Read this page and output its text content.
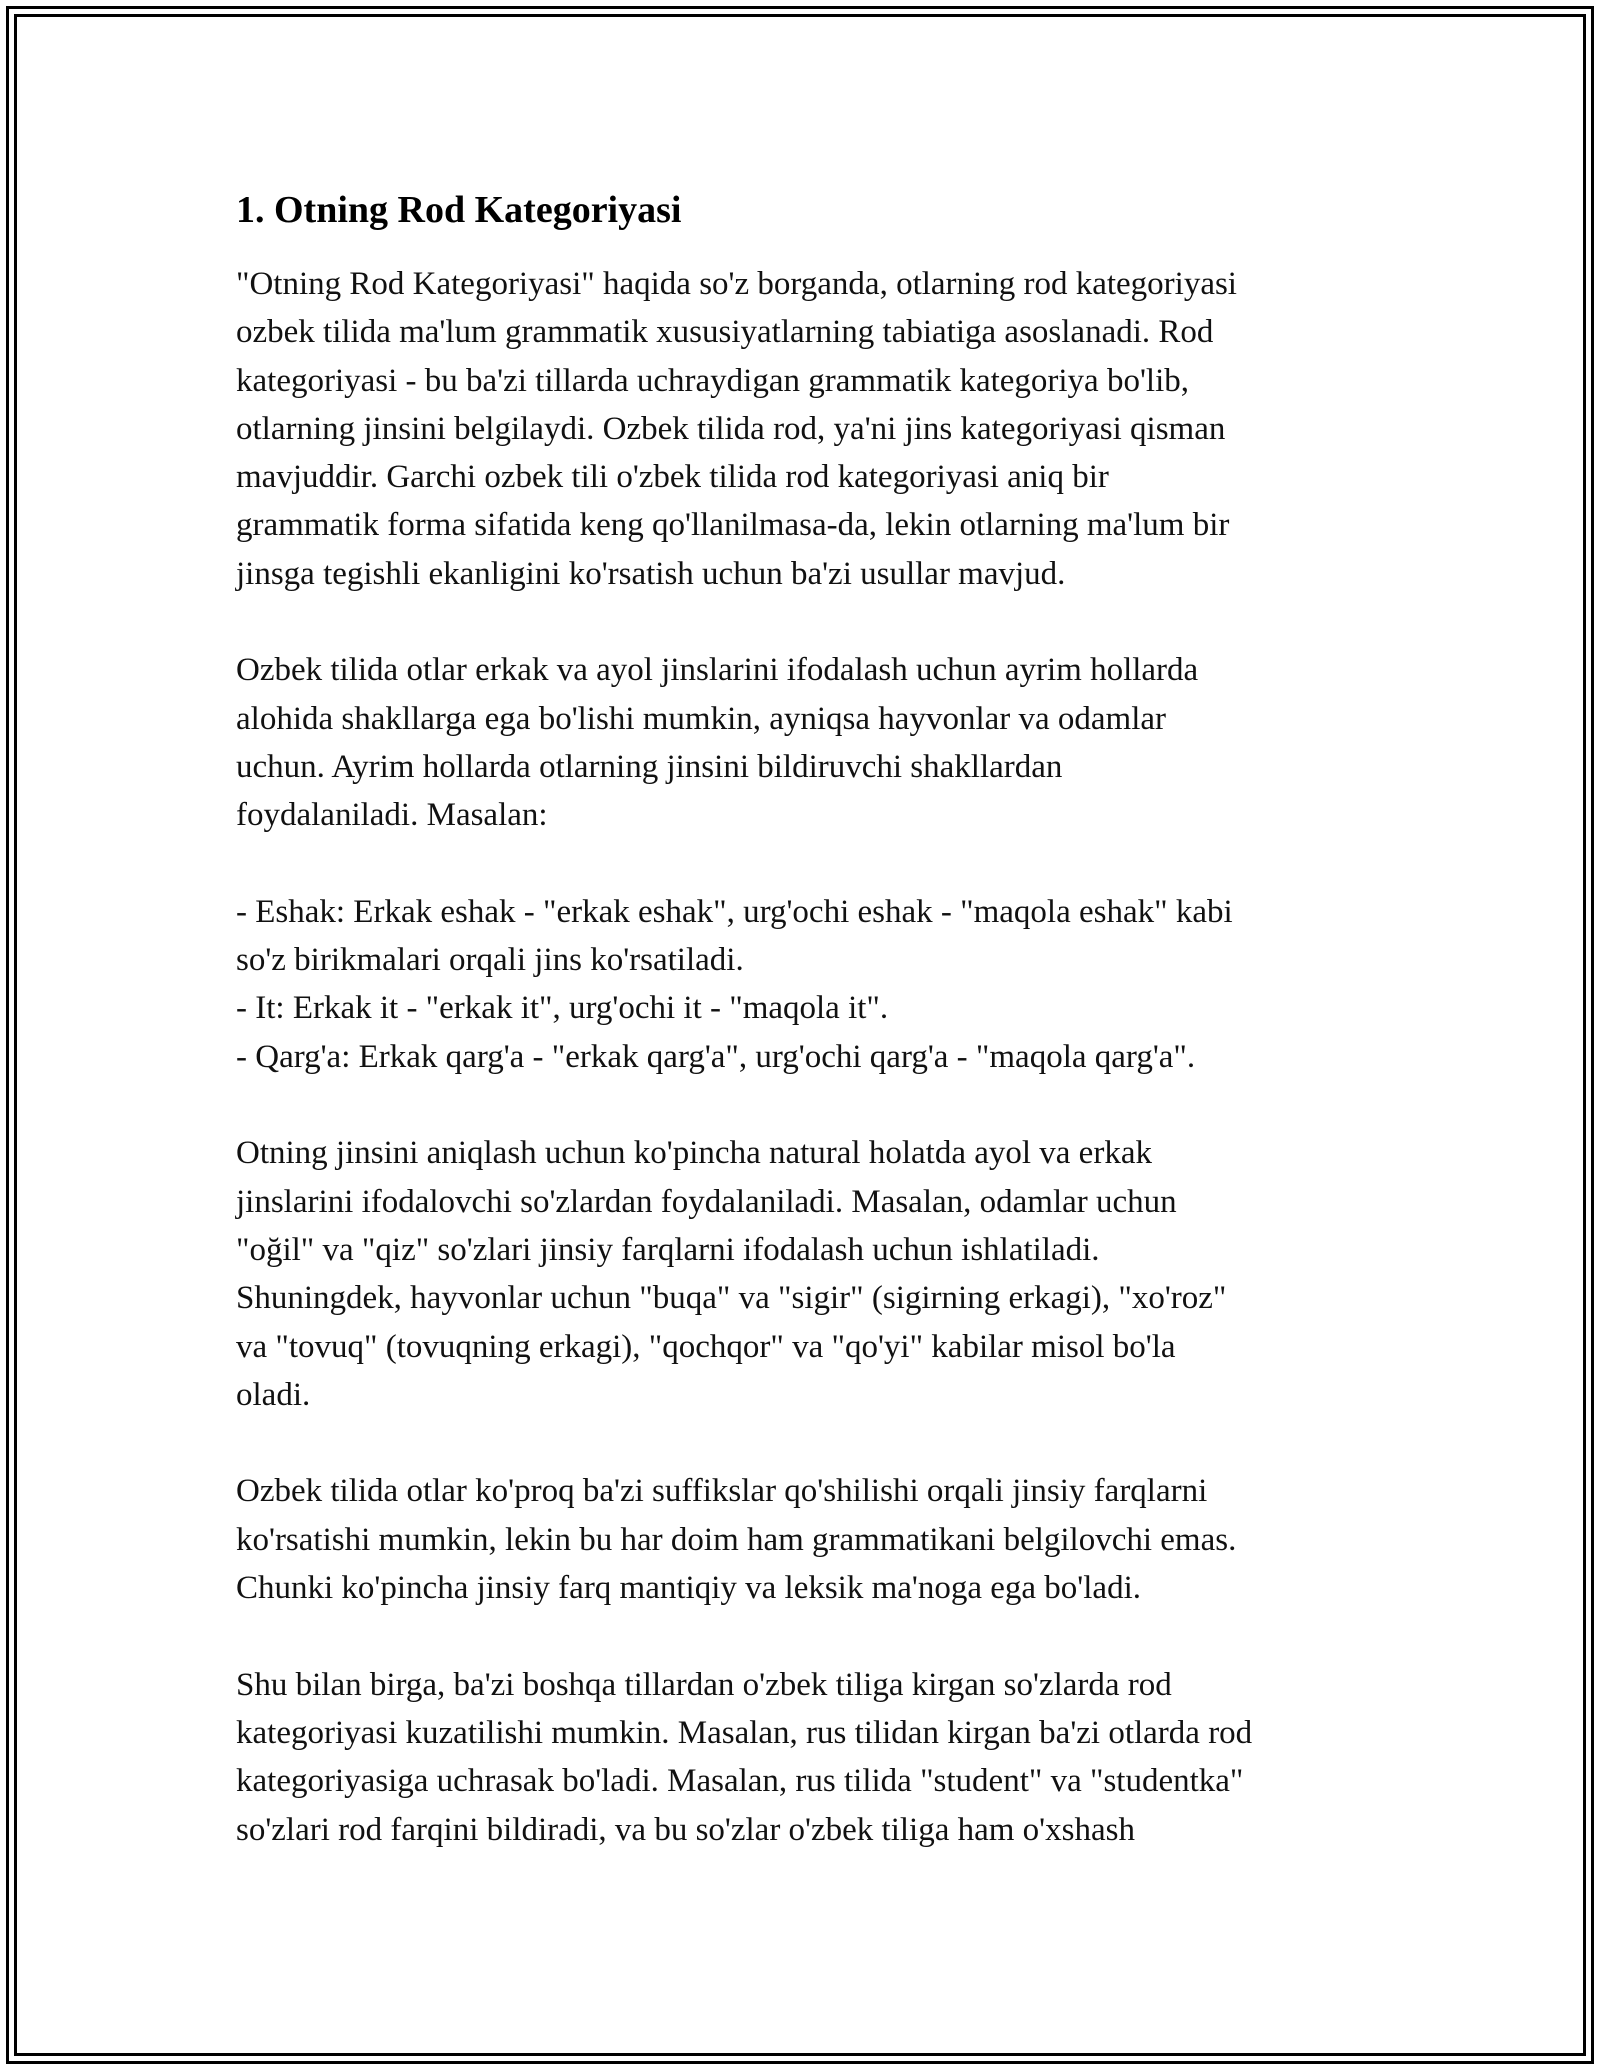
1. Otning Rod Kategoriyasi
"Otning Rod Kategoriyasi" haqida so'z borganda, otlarning rod kategoriyasi
ozbek tilida ma'lum grammatik xususiyatlarning tabiatiga asoslanadi. Rod
kategoriyasi - bu ba'zi tillarda uchraydigan grammatik kategoriya bo'lib,
otlarning jinsini belgilaydi. Ozbek tilida rod, ya'ni jins kategoriyasi qisman
mavjuddir. Garchi ozbek tili o'zbek tilida rod kategoriyasi aniq bir
grammatik forma sifatida keng qo'llanilmasa-da, lekin otlarning ma'lum bir
jinsga tegishli ekanligini ko'rsatish uchun ba'zi usullar mavjud.
Ozbek tilida otlar erkak va ayol jinslarini ifodalash uchun ayrim hollarda
alohida shakllarga ega bo'lishi mumkin, ayniqsa hayvonlar va odamlar
uchun. Ayrim hollarda otlarning jinsini bildiruvchi shakllardan
foydalaniladi. Masalan:
- Eshak: Erkak eshak - "erkak eshak", urg'ochi eshak - "maqola eshak" kabi
so'z birikmalari orqali jins ko'rsatiladi.
- It: Erkak it - "erkak it", urg'ochi it - "maqola it".
- Qarg'a: Erkak qarg'a - "erkak qarg'a", urg'ochi qarg'a - "maqola qarg'a".
Otning jinsini aniqlash uchun ko'pincha natural holatda ayol va erkak
jinslarini ifodalovchi so'zlardan foydalaniladi. Masalan, odamlar uchun
"oğil" va "qiz" so'zlari jinsiy farqlarni ifodalash uchun ishlatiladi.
Shuningdek, hayvonlar uchun "buqa" va "sigir" (sigirning erkagi), "xo'roz"
va "tovuq" (tovuqning erkagi), "qochqor" va "qo'yi" kabilar misol bo'la
oladi.
Ozbek tilida otlar ko'proq ba'zi suffikslar qo'shilishi orqali jinsiy farqlarni
ko'rsatishi mumkin, lekin bu har doim ham grammatikani belgilovchi emas.
Chunki ko'pincha jinsiy farq mantiqiy va leksik ma'noga ega bo'ladi.
Shu bilan birga, ba'zi boshqa tillardan o'zbek tiliga kirgan so'zlarda rod
kategoriyasi kuzatilishi mumkin. Masalan, rus tilidan kirgan ba'zi otlarda rod
kategoriyasiga uchrasak bo'ladi. Masalan, rus tilida "student" va "studentka"
so'zlari rod farqini bildiradi, va bu so'zlar o'zbek tiliga ham o'xshash
